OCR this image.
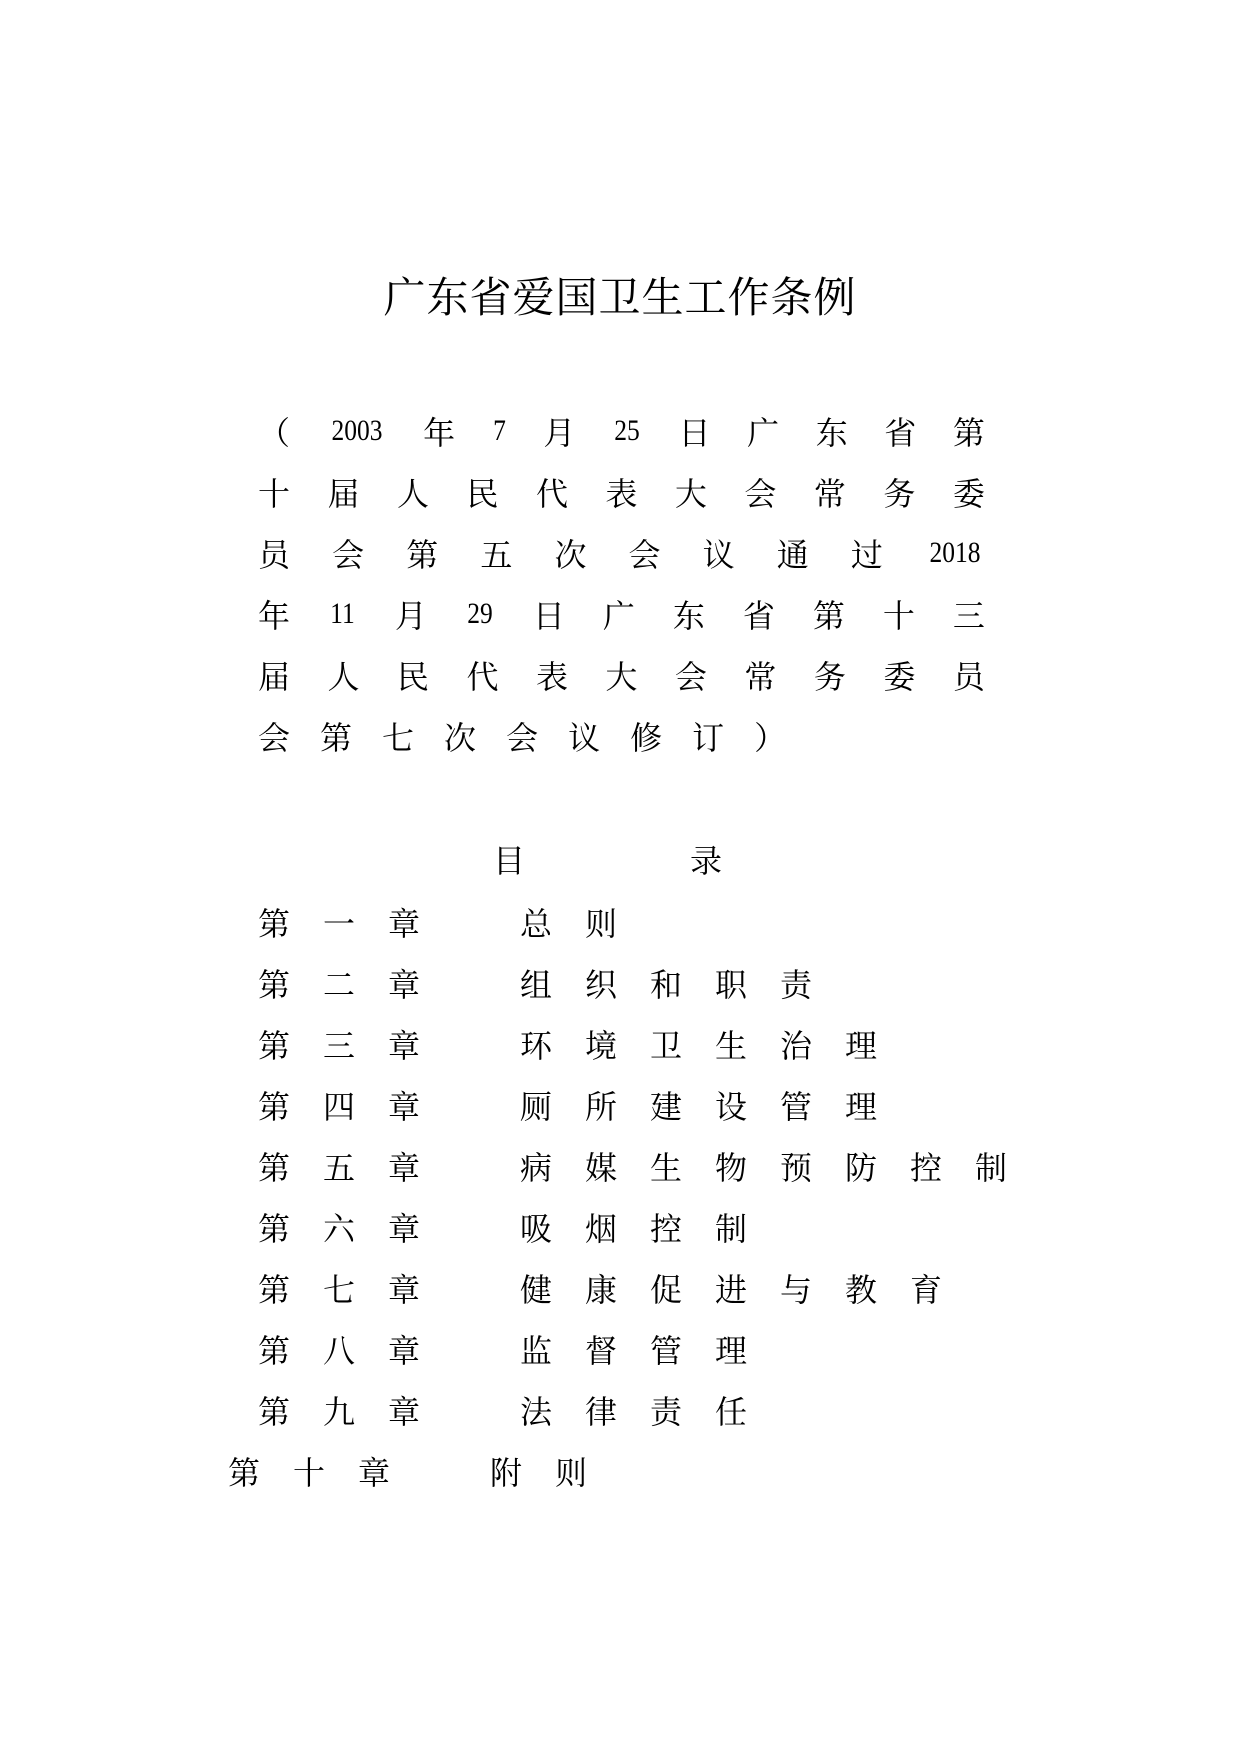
广东省爱国卫生工作条例
（ 2003 年 7 月 25 日 广 东 省 第
十 届 人 民 代 表 大 会 常 务 委
员 会 第 五 次 会 议 通 过 2018
年 11 月 29 日 广 东 省 第 十 三
届 人 民 代 表 大 会 常 务 委 员
会 第 七 次 会 议 修 订 ）
目	录
第	一	章	总	则
第	二	章	组	织	和	职	责
第	三	章	环	境	卫	生	治	理
第	四	章	厕	所	建	设	管	理
第	五	章	病	媒	生	物	预	防	控	制
第	六	章	吸	烟	控	制
第	七	章	健	康	促	进	与	教	育
第	八	章	监	督	管	理
第	九	章	法	律	责	任
第	十	章	附	则
